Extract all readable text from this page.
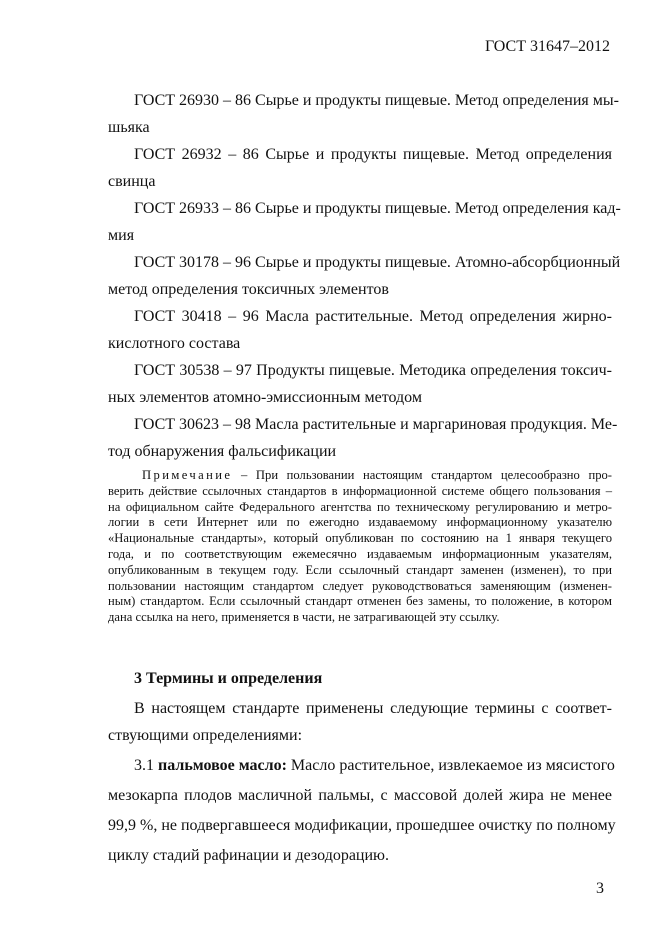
ГОСТ 31647–2012
ГОСТ 26930 – 86 Сырье и продукты пищевые. Метод определения мы-
шьяка
ГОСТ 26932 – 86 Сырье и продукты пищевые. Метод определения
свинца
ГОСТ 26933 – 86 Сырье и продукты пищевые. Метод определения кад-
мия
ГОСТ 30178 – 96 Сырье и продукты пищевые. Атомно-абсорбционный
метод определения токсичных элементов
ГОСТ 30418 – 96 Масла растительные. Метод определения жирно-
кислотного состава
ГОСТ 30538 – 97 Продукты пищевые. Методика определения токсич-
ных элементов атомно-эмиссионным методом
ГОСТ 30623 – 98 Масла растительные и маргариновая продукция. Ме-
тод обнаружения фальсификации
Примечание – При пользовании настоящим стандартом целесообразно про-
верить действие ссылочных стандартов в информационной системе общего пользования –
на официальном сайте Федерального агентства по техническому регулированию и метро-
логии в сети Интернет или по ежегодно издаваемому информационному указателю
«Национальные стандарты», который опубликован по состоянию на 1 января текущего
года, и по соответствующим ежемесячно издаваемым информационным указателям,
опубликованным в текущем году. Если ссылочный стандарт заменен (изменен), то при
пользовании настоящим стандартом следует руководствоваться заменяющим (изменен-
ным) стандартом. Если ссылочный стандарт отменен без замены, то положение, в котором
дана ссылка на него, применяется в части, не затрагивающей эту ссылку.
3 Термины и определения
В настоящем стандарте применены следующие термины с соответ-
ствующими определениями:
3.1 пальмовое масло: Масло растительное, извлекаемое из мясистого
мезокарпа плодов масличной пальмы, с массовой долей жира не менее
99,9 %, не подвергавшееся модификации, прошедшее очистку по полному
циклу стадий рафинации и дезодорацию.
3
